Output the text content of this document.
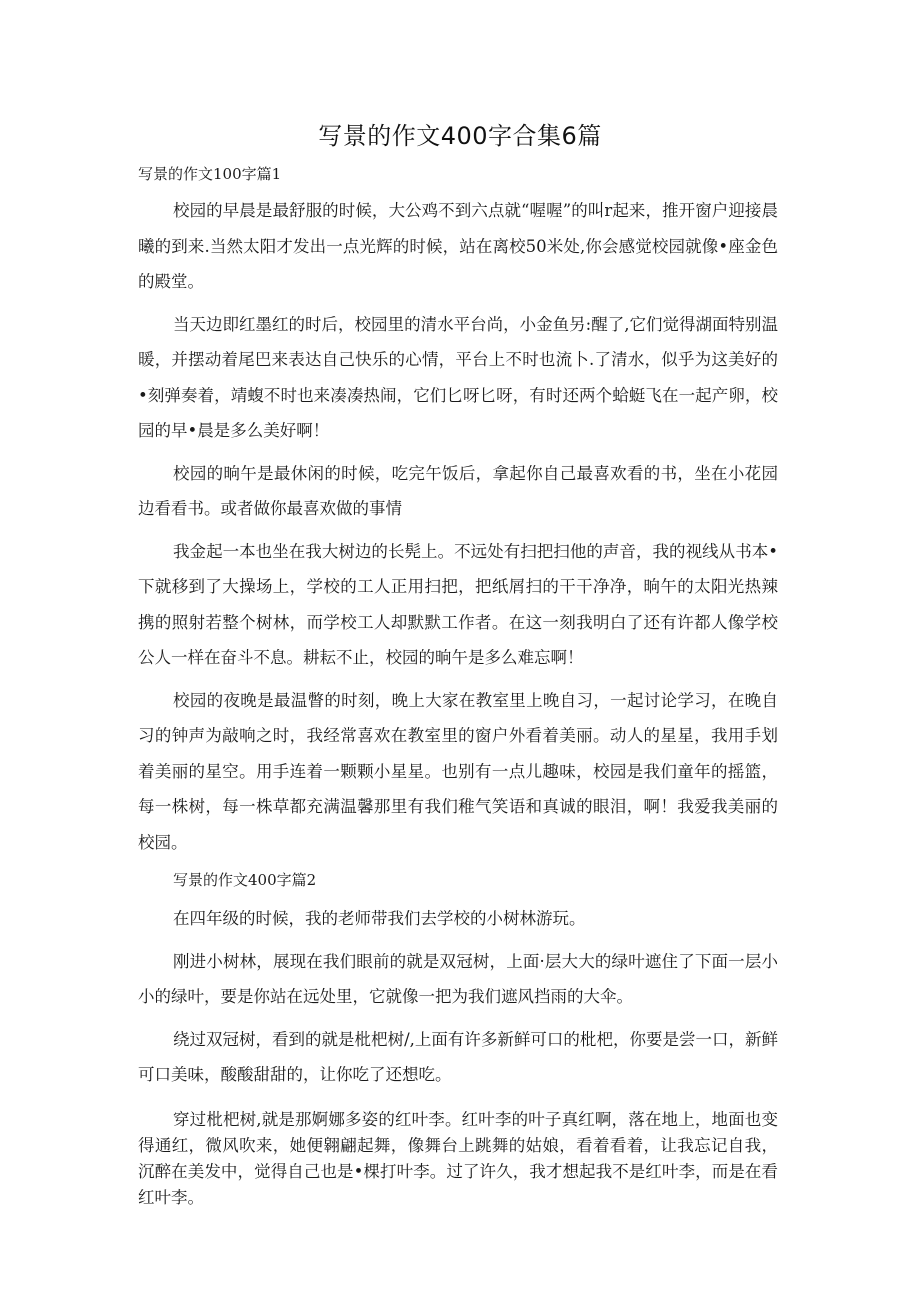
写景的作文400字合集6篇

写景的作文100字篇1

校园的早晨是最舒服的时候，大公鸡不到六点就“喔喔”的叫r起来，推开窗户迎接晨曦的到来.当然太阳才发出一点光辉的时候，站在离校50米处,你会感觉校园就像•座金色的殿堂。

当天边即红墨红的时后，校园里的清水平台尚，小金鱼另:醒了,它们觉得湖面特别温暖，并摆动着尾巴来表达自己快乐的心情，平台上不时也流卜.了清水，似乎为这美好的•刻弹奏着，靖蝮不时也来凑凑热闹，它们匕呀匕呀，有时还两个蛤蜓飞在一起产卵，校园的早•晨是多么美好啊！

校园的晌午是最休闲的时候，吃完午饭后，拿起你自己最喜欢看的书，坐在小花园边看看书。或者做你最喜欢做的事情

我金起一本也坐在我大树边的长髡上。不远处有扫把扫他的声音，我的视线从书本•下就移到了大操场上，学校的工人正用扫把，把纸屑扫的干干净净，晌午的太阳光热辣携的照射若整个树林，而学校工人却默默工作者。在这一刻我明白了还有许都人像学校公人一样在奋斗不息。耕耘不止，校园的晌午是多么难忘啊！

校园的夜晚是最温瞥的时刻，晚上大家在教室里上晚自习，一起讨论学习，在晚自习的钟声为敲响之时，我经常喜欢在教室里的窗户外看着美丽。动人的星星，我用手划着美丽的星空。用手连着一颗颗小星星。也别有一点儿趣味，校园是我们童年的摇篮，每一株树，每一株草都充满温馨那里有我们稚气笑语和真诚的眼泪，啊！我爱我美丽的校园。

写景的作文400字篇2

在四年级的时候，我的老师带我们去学校的小树林游玩。

刚进小树林，展现在我们眼前的就是双冠树，上面·层大大的绿叶遮住了下面一层小小的绿叶，要是你站在远处里，它就像一把为我们遮风挡雨的大伞。

绕过双冠树，看到的就是枇杷树/,上面有许多新鲜可口的枇杷，你要是尝一口，新鲜可口美味，酸酸甜甜的，让你吃了还想吃。

穿过枇杷树,就是那婀娜多姿的红叶李。红叶李的叶子真红啊，落在地上，地面也变得通红，微风吹来，她便翱翩起舞，像舞台上跳舞的姑娘，看着看着，让我忘记自我，沉醉在美发中，觉得自己也是•棵打叶李。过了许久，我才想起我不是红叶李，而是在看红叶李。
